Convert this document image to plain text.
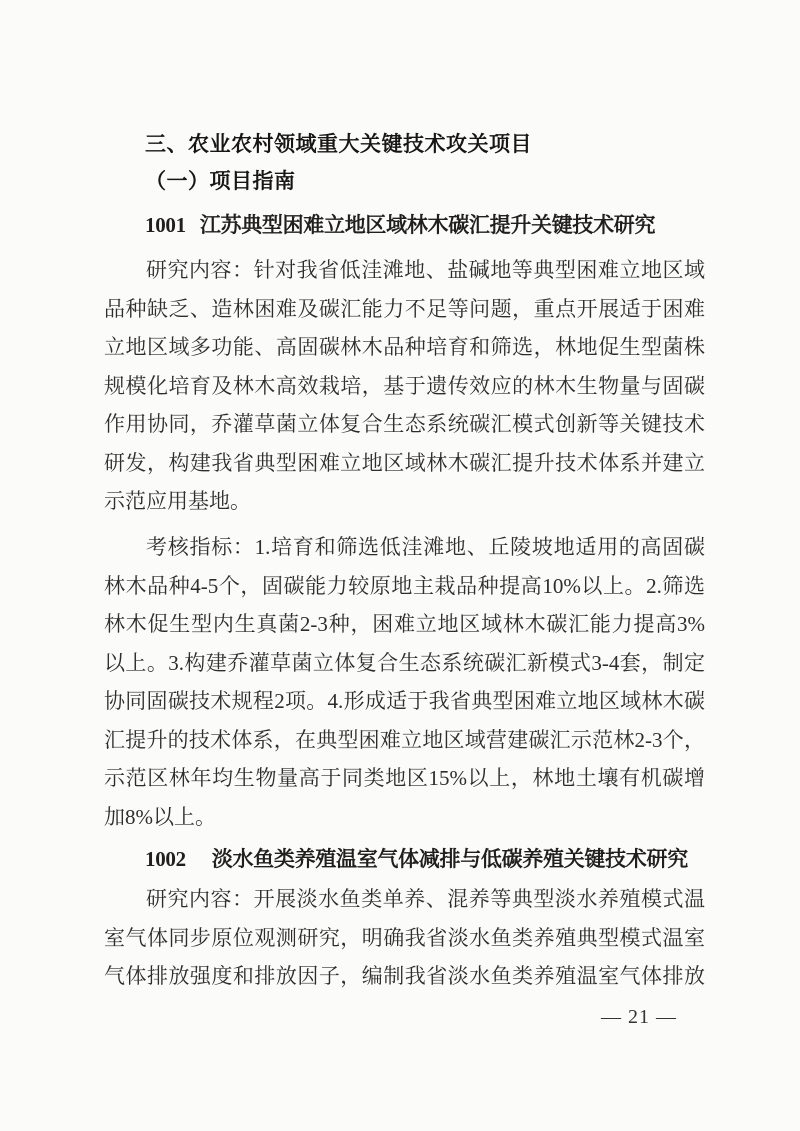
三、农业农村领域重大关键技术攻关项目
（一）项目指南
1001 江苏典型困难立地区域林木碳汇提升关键技术研究
研究内容：针对我省低洼滩地、盐碱地等典型困难立地区域
品种缺乏、造林困难及碳汇能力不足等问题，重点开展适于困难
立地区域多功能、高固碳林木品种培育和筛选，林地促生型菌株
规模化培育及林木高效栽培，基于遗传效应的林木生物量与固碳
作用协同，乔灌草菌立体复合生态系统碳汇模式创新等关键技术
研发，构建我省典型困难立地区域林木碳汇提升技术体系并建立
示范应用基地。
考核指标：1.培育和筛选低洼滩地、丘陵坡地适用的高固碳
林木品种4-5个，固碳能力较原地主栽品种提高10%以上。2.筛选
林木促生型内生真菌2-3种，困难立地区域林木碳汇能力提高3%
以上。3.构建乔灌草菌立体复合生态系统碳汇新模式3-4套，制定
协同固碳技术规程2项。4.形成适于我省典型困难立地区域林木碳
汇提升的技术体系，在典型困难立地区域营建碳汇示范林2-3个，
示范区林年均生物量高于同类地区15%以上，林地土壤有机碳增
加8%以上。
1002 淡水鱼类养殖温室气体减排与低碳养殖关键技术研究
研究内容：开展淡水鱼类单养、混养等典型淡水养殖模式温
室气体同步原位观测研究，明确我省淡水鱼类养殖典型模式温室
气体排放强度和排放因子，编制我省淡水鱼类养殖温室气体排放
— 21 —
